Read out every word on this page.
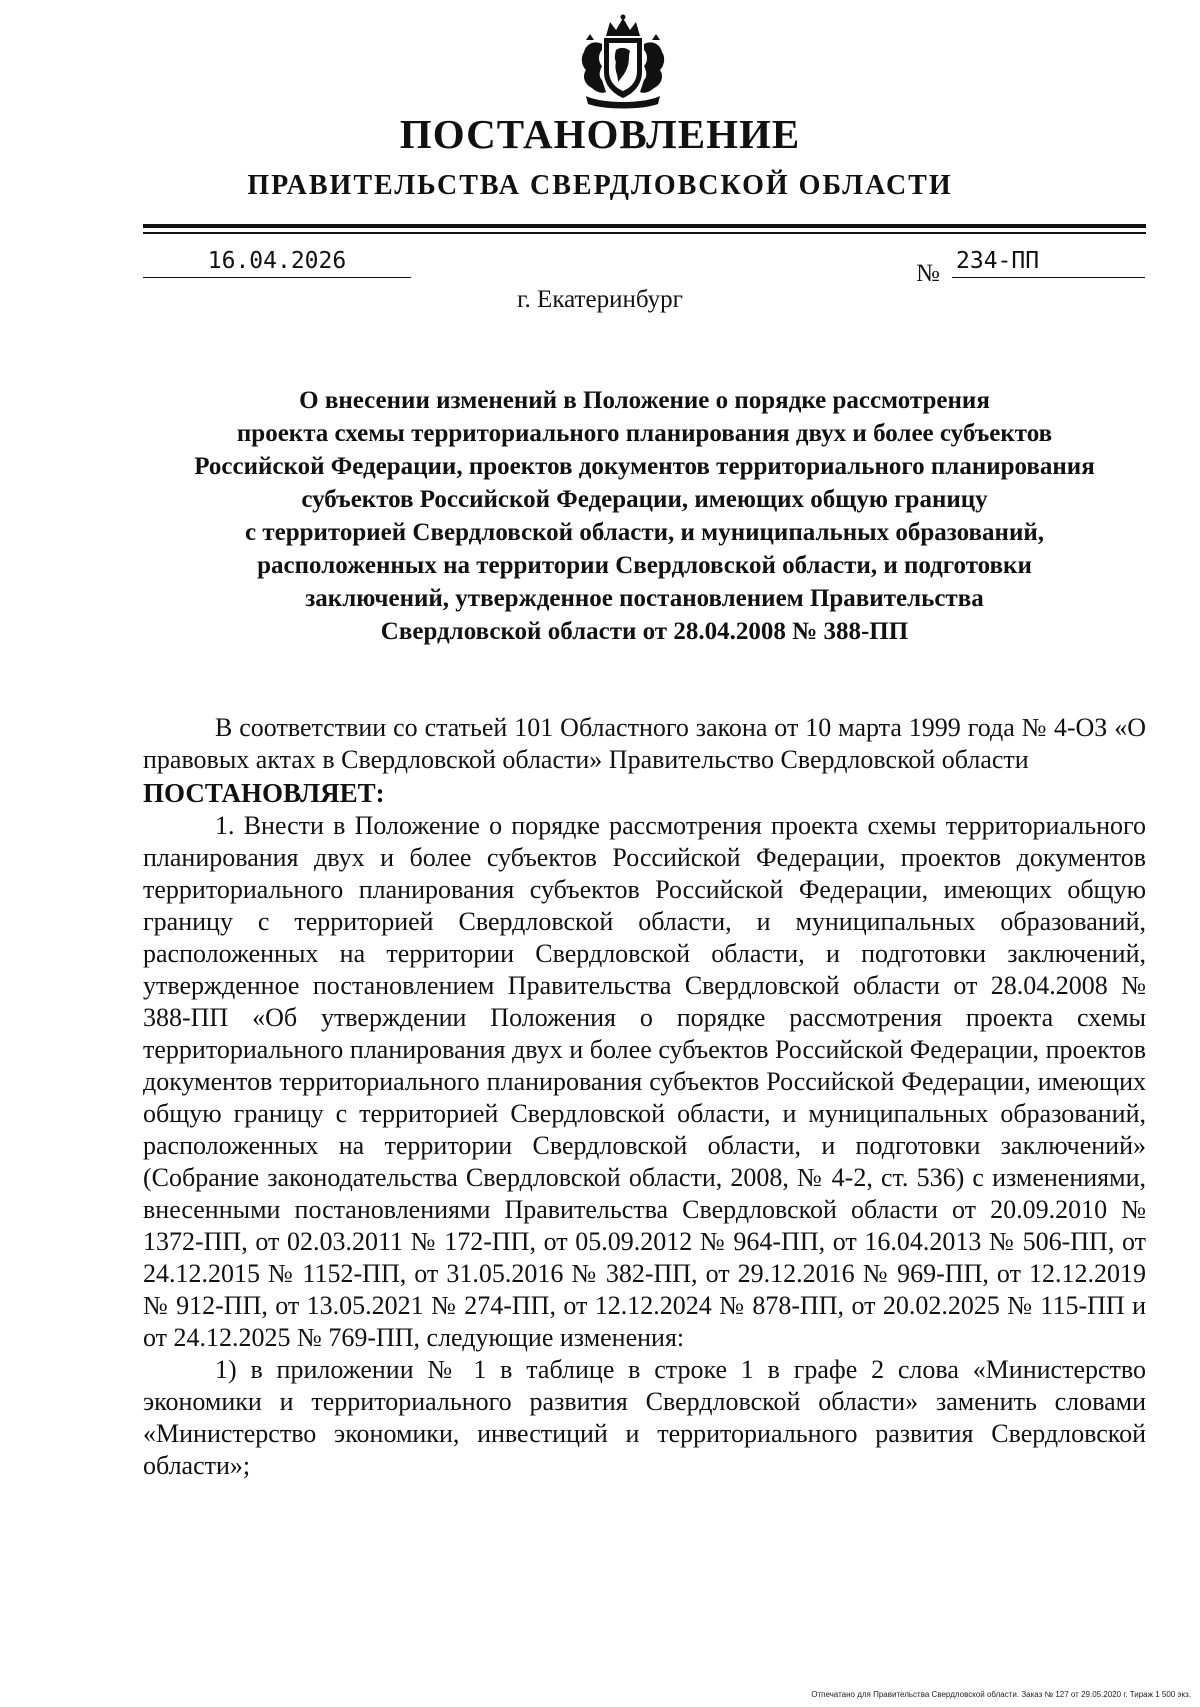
ПОСТАНОВЛЕНИЕ
ПРАВИТЕЛЬСТВА СВЕРДЛОВСКОЙ ОБЛАСТИ
16.04.2026	№ 234-ПП
г. Екатеринбург
О внесении изменений в Положение о порядке рассмотрения
проекта схемы территориального планирования двух и более субъектов
Российской Федерации, проектов документов территориального планирования
субъектов Российской Федерации, имеющих общую границу
с территорией Свердловской области, и муниципальных образований,
расположенных на территории Свердловской области, и подготовки
заключений, утвержденное постановлением Правительства
Свердловской области от 28.04.2008 № 388-ПП

В соответствии со статьей 101 Областного закона от 10 марта 1999 года № 4-ОЗ «О правовых актах в Свердловской области» Правительство Свердловской области

ПОСТАНОВЛЯЕТ:

1. Внести в Положение о порядке рассмотрения проекта схемы территориального планирования двух и более субъектов Российской Федерации, проектов документов территориального планирования субъектов Российской Федерации, имеющих общую границу с территорией Свердловской области, и муниципальных образований, расположенных на территории Свердловской области, и подготовки заключений, утвержденное постановлением Правительства Свердловской области от 28.04.2008 № 388-ПП «Об утверждении Положения о порядке рассмотрения проекта схемы территориального планирования двух и более субъектов Российской Федерации, проектов документов территориального планирования субъектов Российской Федерации, имеющих общую границу с территорией Свердловской области, и муниципальных образований, расположенных на территории Свердловской области, и подготовки заключений» (Собрание законодательства Свердловской области, 2008, № 4-2, ст. 536) с изменениями, внесенными постановлениями Правительства Свердловской области от 20.09.2010 № 1372-ПП, от 02.03.2011 № 172-ПП, от 05.09.2012 № 964-ПП, от 16.04.2013 № 506-ПП, от 24.12.2015 № 1152-ПП, от 31.05.2016 № 382-ПП, от 29.12.2016 № 969-ПП, от 12.12.2019 № 912-ПП, от 13.05.2021 № 274-ПП, от 12.12.2024 № 878-ПП, от 20.02.2025 № 115-ПП и от 24.12.2025 № 769-ПП, следующие изменения:

1) в приложении № 1 в таблице в строке 1 в графе 2 слова «Министерство экономики и территориального развития Свердловской области» заменить словами «Министерство экономики, инвестиций и территориального развития Свердловской области»;

Отпечатано для Правительства Свердловской области. Заказ № 127 от 29.05.2020 г. Тираж 1 500 экз.
